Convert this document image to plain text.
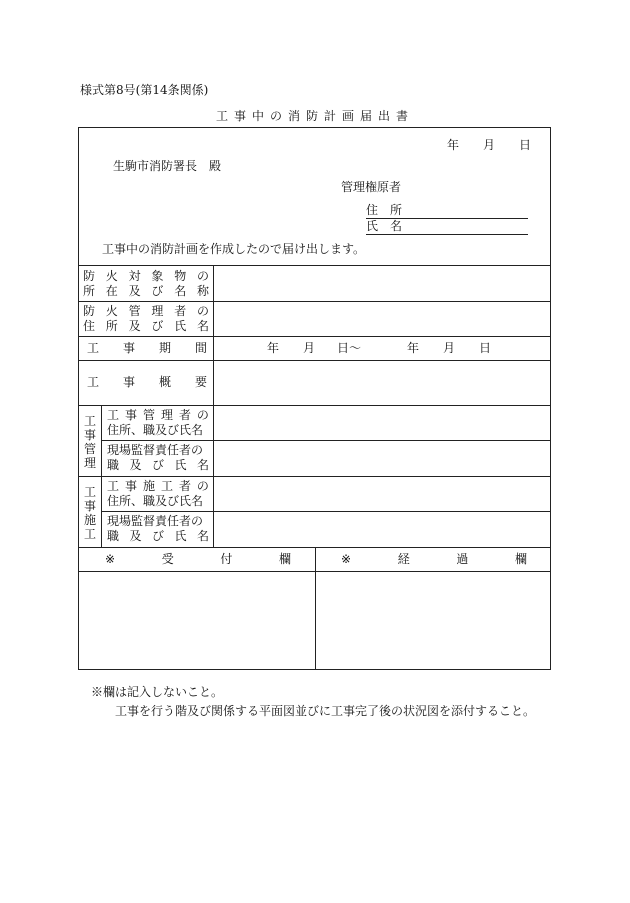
様式第8号(第14条関係)
工事中の消防計画届出書
年 月 日
生駒市消防署長　殿
管理権原者
住　所
氏　名
工事中の消防計画を作成したので届け出します。
防 火 対 象 物 の
所 在 及 び 名 称
防 火 管 理 者 の
住 所 及 び 氏 名
工 事 期 間	年 月 日〜	年 月 日
工 事 概 要
工
事
管
理
工 事 管 理 者 の
住所、職及び氏名
現場監督責任者の
職 及 び 氏 名
工
事
施
工
工 事 施 工 者 の
住所、職及び氏名
現場監督責任者の
職 及 び 氏 名
※	受	付	欄	※	経	過	欄
※欄は記入しないこと。
工事を行う階及び関係する平面図並びに工事完了後の状況図を添付すること。
